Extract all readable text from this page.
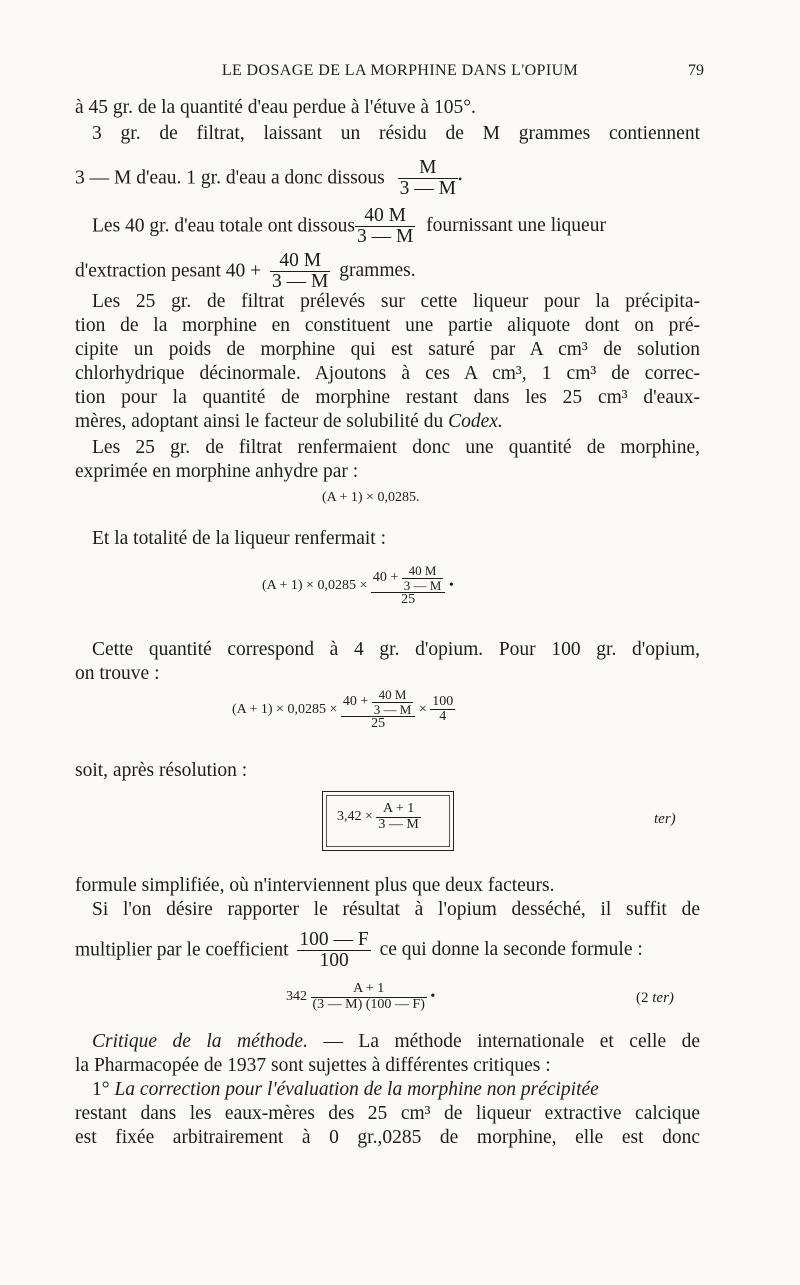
LE DOSAGE DE LA MORPHINE DANS L'OPIUM	79
à 45 gr. de la quantité d'eau perdue à l'étuve à 105°.
3 gr. de filtrat, laissant un résidu de M grammes contiennent
3 — M d'eau. 1 gr. d'eau a donc dissous $\frac{M}{3 — M}$ •
Les 40 gr. d'eau totale ont dissous $\frac{40 M}{3 — M}$ fournissant une liqueur
d'extraction pesant $40 + \frac{40 M}{3 — M}$ grammes.
Les 25 gr. de filtrat prélevés sur cette liqueur pour la précipita-
tion de la morphine en constituent une partie aliquote dont on pré-
cipite un poids de morphine qui est saturé par A cm³ de solution
chlorhydrique décinormale. Ajoutons à ces A cm³, 1 cm³ de correc-
tion pour la quantité de morphine restant dans les 25 cm³ d'eaux-
mères, adoptant ainsi le facteur de solubilité du Codex.
Les 25 gr. de filtrat renfermaient donc une quantité de morphine,
exprimée en morphine anhydre par :
(A + 1) × 0,0285.
Et la totalité de la liqueur renfermait :
$(A + 1) \times 0,0285 \times \frac{40 + \frac{40 M}{3 — M}}{25}$ •
Cette quantité correspond à 4 gr. d'opium. Pour 100 gr. d'opium,
on trouve :
$(A + 1) \times 0,0285 \times \frac{40 + \frac{40 M}{3 — M}}{25} \times \frac{100}{4}$
soit, après résolution :
$3,42 \times \frac{A + 1}{3 — M}$	ter)
formule simplifiée, où n'interviennent plus que deux facteurs.
Si l'on désire rapporter le résultat à l'opium desséché, il suffit de
multiplier par le coefficient $\frac{100 — F}{100}$ ce qui donne la seconde formule :
$342 \frac{A + 1}{(3 — M) (100 — F)}$ •	(2 ter)
Critique de la méthode. — La méthode internationale et celle de
la Pharmacopée de 1937 sont sujettes à différentes critiques :
1° La correction pour l'évaluation de la morphine non précipitée
restant dans les eaux-mères des 25 cm³ de liqueur extractive calcique
est fixée arbitrairement à 0 gr.,0285 de morphine, elle est donc
